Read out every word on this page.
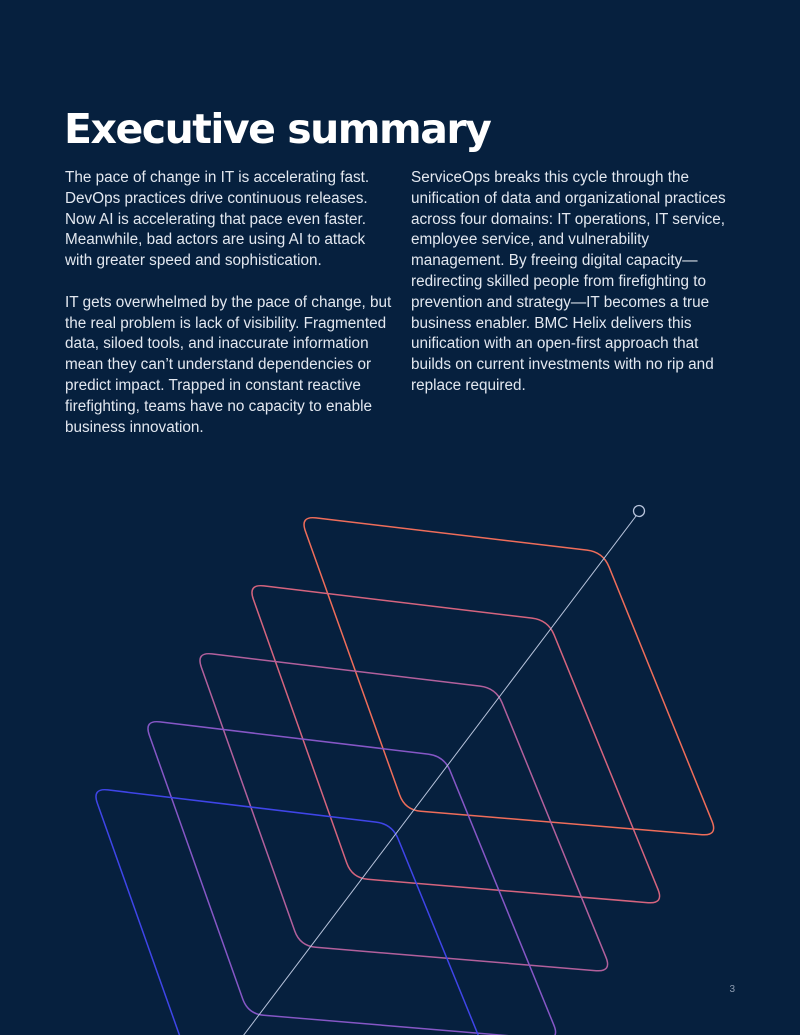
Executive summary

The pace of change in IT is accelerating fast. DevOps practices drive continuous releases. Now AI is accelerating that pace even faster. Meanwhile, bad actors are using AI to attack with greater speed and sophistication.

IT gets overwhelmed by the pace of change, but the real problem is lack of visibility. Fragmented data, siloed tools, and inaccurate information mean they can’t understand dependencies or predict impact. Trapped in constant reactive firefighting, teams have no capacity to enable business innovation.

ServiceOps breaks this cycle through the unification of data and organizational practices across four domains: IT operations, IT service, employee service, and vulnerability management. By freeing digital capacity—redirecting skilled people from firefighting to prevention and strategy—IT becomes a true business enabler. BMC Helix delivers this unification with an open-first approach that builds on current investments with no rip and replace required.

3
